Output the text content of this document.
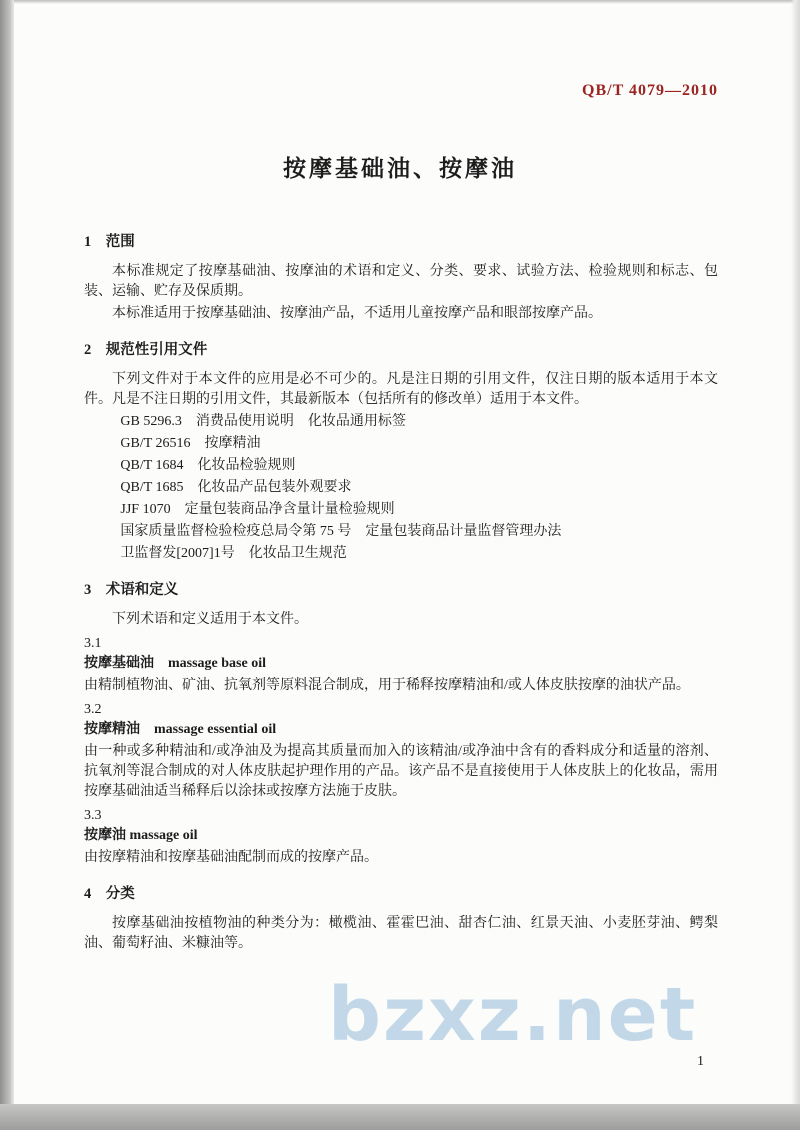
bzxz.net
QB/T 4079—2010
按摩基础油、按摩油
1　范围
本标准规定了按摩基础油、按摩油的术语和定义、分类、要求、试验方法、检验规则和标志、包装、运输、贮存及保质期。
本标准适用于按摩基础油、按摩油产品，不适用儿童按摩产品和眼部按摩产品。
2　规范性引用文件
下列文件对于本文件的应用是必不可少的。凡是注日期的引用文件，仅注日期的版本适用于本文件。凡是不注日期的引用文件，其最新版本（包括所有的修改单）适用于本文件。
GB 5296.3　消费品使用说明　化妆品通用标签
GB/T 26516　按摩精油
QB/T 1684　化妆品检验规则
QB/T 1685　化妆品产品包装外观要求
JJF 1070　定量包装商品净含量计量检验规则
国家质量监督检验检疫总局令第 75 号　定量包装商品计量监督管理办法
卫监督发[2007]1号　化妆品卫生规范
3　术语和定义
下列术语和定义适用于本文件。
3.1
按摩基础油　massage base oil
由精制植物油、矿油、抗氧剂等原料混合制成，用于稀释按摩精油和/或人体皮肤按摩的油状产品。
3.2
按摩精油　massage essential oil
由一种或多种精油和/或净油及为提高其质量而加入的该精油/或净油中含有的香料成分和适量的溶剂、抗氧剂等混合制成的对人体皮肤起护理作用的产品。该产品不是直接使用于人体皮肤上的化妆品，需用按摩基础油适当稀释后以涂抹或按摩方法施于皮肤。
3.3
按摩油 massage oil
由按摩精油和按摩基础油配制而成的按摩产品。
4　分类
按摩基础油按植物油的种类分为：橄榄油、霍霍巴油、甜杏仁油、红景天油、小麦胚芽油、鳄梨油、葡萄籽油、米糠油等。
1
